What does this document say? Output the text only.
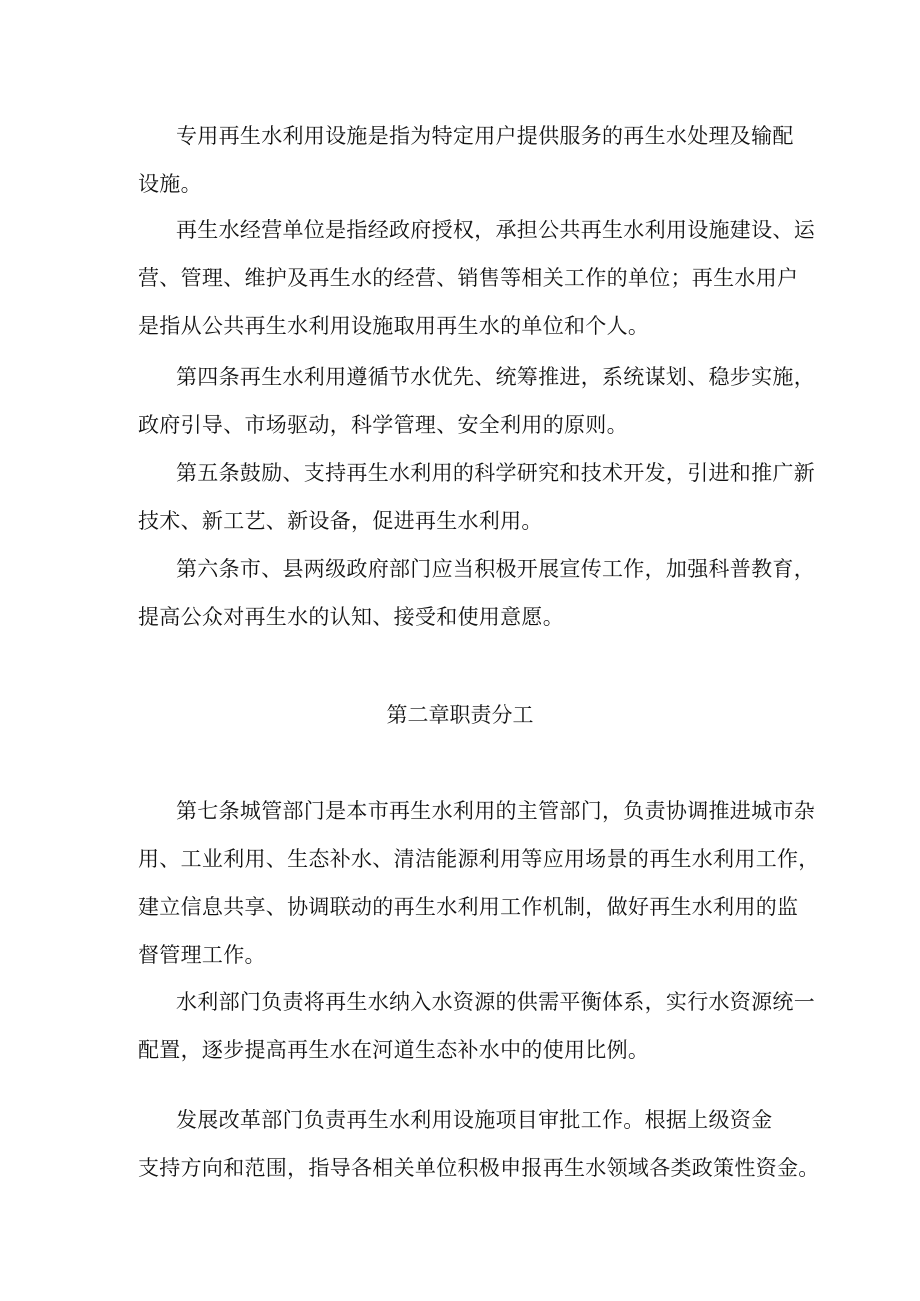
专用再生水利用设施是指为特定用户提供服务的再生水处理及输配
设施。

再生水经营单位是指经政府授权，承担公共再生水利用设施建设、运
营、管理、维护及再生水的经营、销售等相关工作的单位；再生水用户
是指从公共再生水利用设施取用再生水的单位和个人。

第四条再生水利用遵循节水优先、统筹推进，系统谋划、稳步实施，
政府引导、市场驱动，科学管理、安全利用的原则。

第五条鼓励、支持再生水利用的科学研究和技术开发，引进和推广新
技术、新工艺、新设备，促进再生水利用。

第六条市、县两级政府部门应当积极开展宣传工作，加强科普教育，
提高公众对再生水的认知、接受和使用意愿。

第二章职责分工

第七条城管部门是本市再生水利用的主管部门，负责协调推进城市杂
用、工业利用、生态补水、清洁能源利用等应用场景的再生水利用工作，
建立信息共享、协调联动的再生水利用工作机制，做好再生水利用的监
督管理工作。

水利部门负责将再生水纳入水资源的供需平衡体系，实行水资源统一
配置，逐步提高再生水在河道生态补水中的使用比例。

发展改革部门负责再生水利用设施项目审批工作。根据上级资金
支持方向和范围，指导各相关单位积极申报再生水领域各类政策性资金。
